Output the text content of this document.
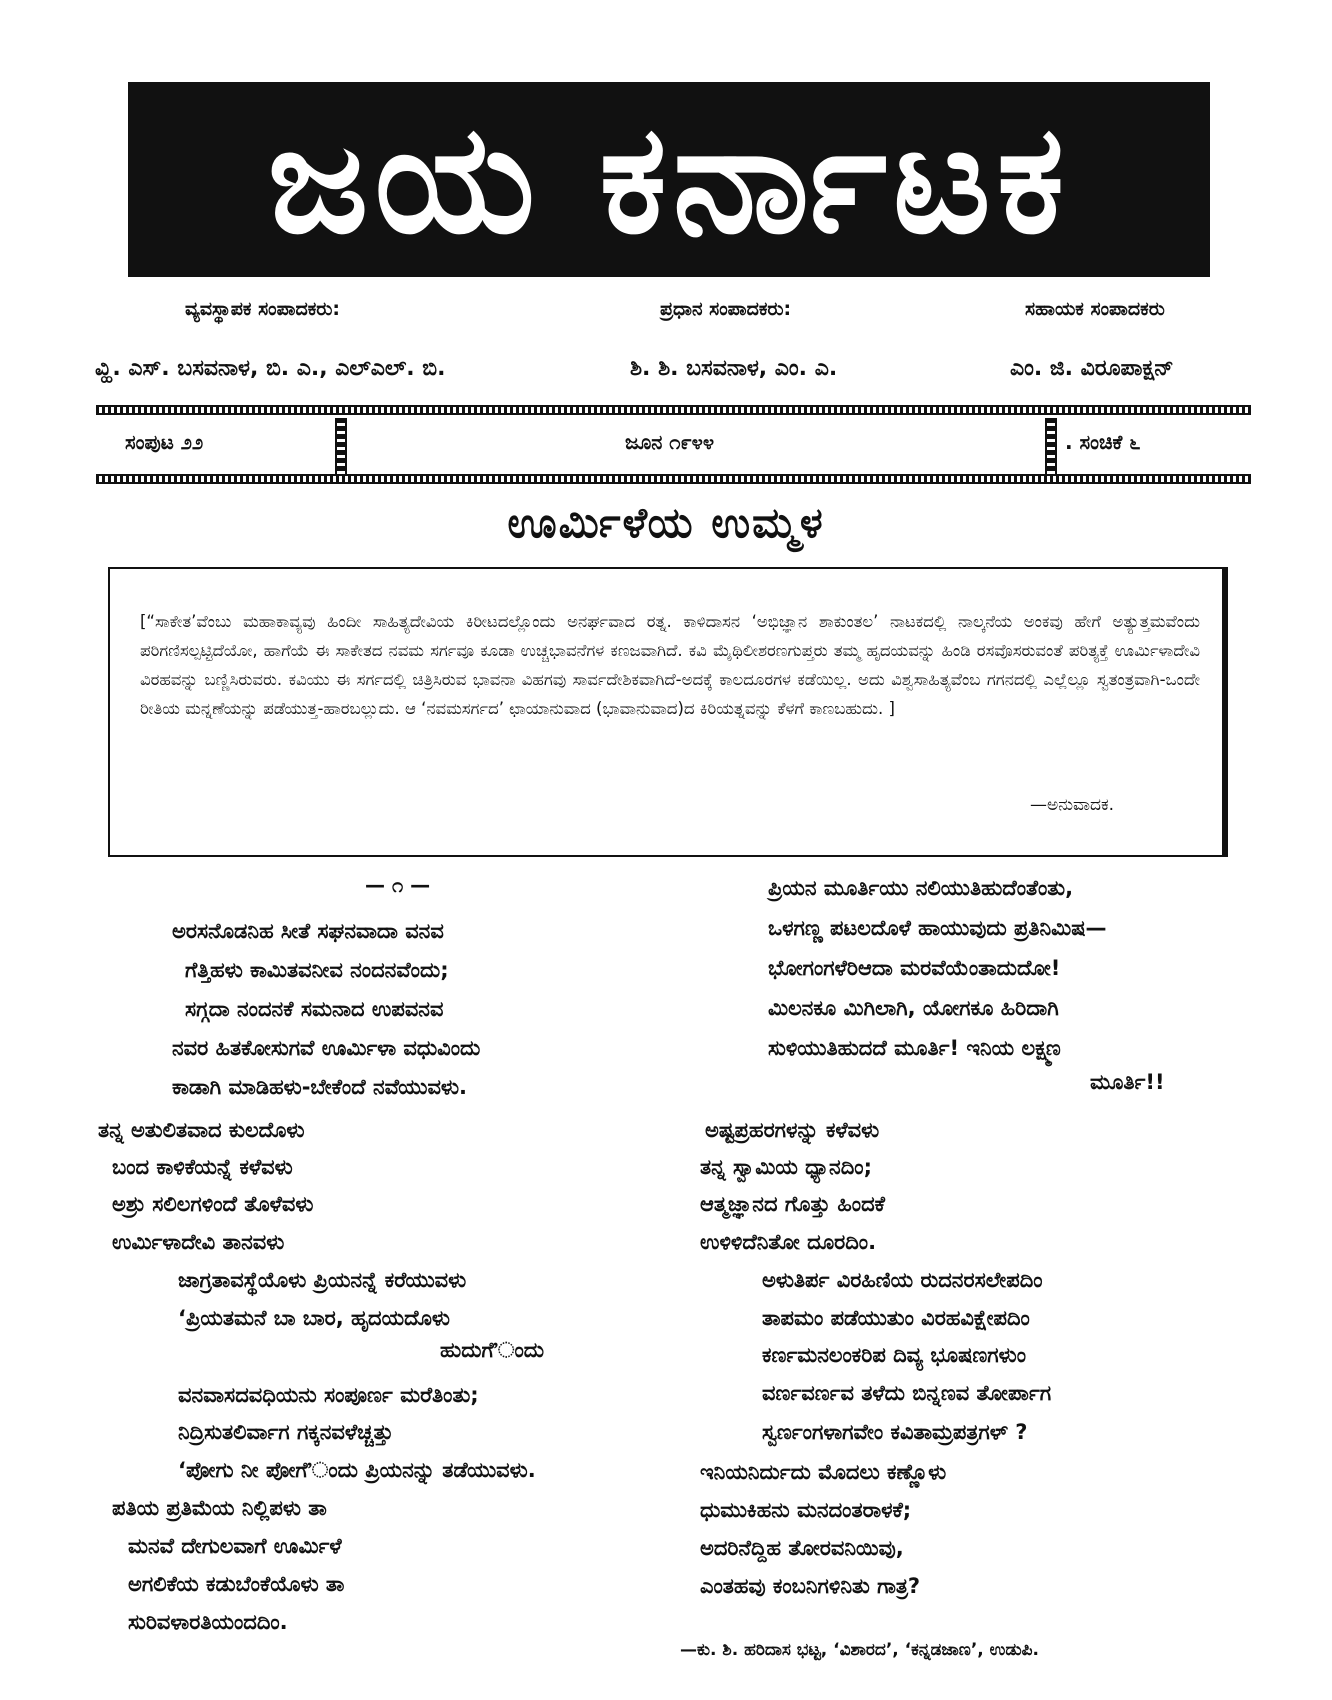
ಜಯ ಕರ್ನಾಟಕ
ವ್ಯವಸ್ಥಾಪಕ ಸಂಪಾದಕರು:	ಪ್ರಧಾನ ಸಂಪಾದಕರು:	ಸಹಾಯಕ ಸಂಪಾದಕರು
ವ್ಹಿ. ಎಸ್. ಬಸವನಾಳ, ಬಿ. ಎ., ಎಲ್‌ಎಲ್. ಬಿ.	ಶಿ. ಶಿ. ಬಸವನಾಳ, ಎಂ. ಎ.	ಎಂ. ಜಿ. ವಿರೂಪಾಕ್ಷನ್
ಸಂಪುಟ ೨೨	ಜೂನ ೧೯೪೪	. ಸಂಚಿಕೆ ೬
ಊರ್ಮಿಳೆಯ ಉಮ್ಮಳ
[“ಸಾಕೇತ’ವೆಂಬು ಮಹಾಕಾವ್ಯವು ಹಿಂದೀ ಸಾಹಿತ್ಯದೇವಿಯ ಕಿರೀಟದಲ್ಲೊಂದು ಅನರ್ಘವಾದ ರತ್ನ. ಕಾಳಿದಾಸನ ‘ಅಭಿಜ್ಞಾನ ಶಾಕುಂತಲ’ ನಾಟಕದಲ್ಲಿ ನಾಲ್ಕನೆಯ ಅಂಕವು ಹೇಗೆ ಅತ್ಯುತ್ತಮವೆಂದು ಪರಿಗಣಿಸಲ್ಪಟ್ಟಿದೆಯೋ, ಹಾಗೆಯೆ ಈ ಸಾಕೇತದ ನವಮ ಸರ್ಗವೂ ಕೂಡಾ ಉಚ್ಚಭಾವನೆಗಳ ಕಣಜವಾಗಿದೆ. ಕವಿ ಮೈಥಿಲೀಶರಣಗುಪ್ತರು ತಮ್ಮ ಹೃದಯವನ್ನು ಹಿಂಡಿ ರಸವೊಸರುವಂತೆ ಪರಿತ್ಯಕ್ತೆ ಊರ್ಮಿಳಾದೇವಿ ವಿರಹವನ್ನು ಬಣ್ಣಿಸಿರುವರು. ಕವಿಯು ಈ ಸರ್ಗದಲ್ಲಿ ಚಿತ್ರಿಸಿರುವ ಭಾವನಾ ವಿಹಗವು ಸಾರ್ವದೇಶಿಕವಾಗಿದೆ-ಅದಕ್ಕೆ ಕಾಲದೂರಗಳ ಕಡೆಯಿಲ್ಲ. ಅದು ವಿಶ್ವಸಾಹಿತ್ಯವೆಂಬ ಗಗನದಲ್ಲಿ ಎಲ್ಲೆಲ್ಲೂ ಸ್ವತಂತ್ರವಾಗಿ-ಒಂದೇ ರೀತಿಯ ಮನ್ನಣೆಯನ್ನು ಪಡೆಯುತ್ತ-ಹಾರಬಲ್ಲುದು. ಆ ‘ನವಮಸರ್ಗದ’ ಛಾಯಾನುವಾದ (ಭಾವಾನುವಾದ)ದ ಕಿರಿಯತ್ನವನ್ನು ಕೆಳಗೆ ಕಾಣಬಹುದು. ]
—ಅನುವಾದಕ.
— ೧ —
ಅರಸನೊಡನಿಹ ಸೀತೆ ಸಘನವಾದಾ ವನವ
ಗೆತ್ತಿಹಳು ಕಾಮಿತವನೀವ ನಂದನವೆಂದು;
ಸಗ್ಗದಾ ನಂದನಕೆ ಸಮನಾದ ಉಪವನವ
ನವರ ಹಿತಕೋಸುಗವೆ ಊರ್ಮಿಳಾ ವಧುವಿಂದು
ಕಾಡಾಗಿ ಮಾಡಿಹಳು-ಬೇಕೆಂದೆ ನವೆಯುವಳು.
ತನ್ನ ಅತುಲಿತವಾದ ಕುಲದೊಳು
ಬಂದ ಕಾಳಿಕೆಯನ್ನೆ ಕಳೆವಳು
ಅಶ್ರು ಸಲಿಲಗಳಿಂದೆ ತೊಳೆವಳು
ಉರ್ಮಿಳಾದೇವಿ ತಾನವಳು
ಜಾಗ್ರತಾವಸ್ಥೆಯೊಳು ಪ್ರಿಯನನ್ನೆ ಕರೆಯುವಳು
‘ಪ್ರಿಯತಮನೆ ಬಾ ಬಾರ, ಹೃದಯದೊಳು
ಹುದುಗೆ’ಂದು
ವನವಾಸದವಧಿಯನು ಸಂಪೂರ್ಣ ಮರೆತಿಂತು;
ನಿದ್ರಿಸುತಲಿರ್ವಾಗ ಗಕ್ಕನವಳೆಚ್ಚತ್ತು
‘ಪೋಗು ನೀ ಪೋಗೆ’ಂದು ಪ್ರಿಯನನ್ನು ತಡೆಯುವಳು.
ಪತಿಯ ಪ್ರತಿಮೆಯ ನಿಲ್ಲಿಪಳು ತಾ
ಮನವೆ ದೇಗುಲವಾಗೆ ಊರ್ಮಿಳೆ
ಅಗಲಿಕೆಯ ಕಡುಬೆಂಕೆಯೊಳು ತಾ
ಸುರಿವಳಾರತಿಯಂದದಿಂ.
ಪ್ರಿಯನ ಮೂರ್ತಿಯು ನಲಿಯುತಿಹುದೆಂತೆಂತು,
ಒಳಗಣ್ಣ ಪಟಲದೊಳೆ ಹಾಯುವುದು ಪ್ರತಿನಿಮಿಷ—
ಭೋಗಂಗಳೆರಿಆದಾ ಮರವೆಯೆಂತಾದುದೋ!
ಮಿಲನಕೂ ಮಿಗಿಲಾಗಿ, ಯೋಗಕೂ ಹಿರಿದಾಗಿ
ಸುಳಿಯುತಿಹುದದೆ ಮೂರ್ತಿ! ಇನಿಯ ಲಕ್ಷ್ಮಣ
ಮೂರ್ತಿ!!
ಅಷ್ಟಪ್ರಹರಗಳನ್ನು ಕಳೆವಳು
ತನ್ನ ಸ್ವಾಮಿಯ ಧ್ಯಾನದಿಂ;
ಆತ್ಮಜ್ಞಾನದ ಗೊತ್ತು ಹಿಂದಕೆ
ಉಳಿಳಿದೆನಿತೋ ದೂರದಿಂ.
ಅಳುತಿರ್ಪ ವಿರಹಿಣಿಯ ರುದನರಸಲೇಪದಿಂ
ತಾಪಮಂ ಪಡೆಯುತುಂ ವಿರಹವಿಕ್ಷೇಪದಿಂ
ಕರ್ಣಮನಲಂಕರಿಪ ದಿವ್ಯ ಭೂಷಣಗಳುಂ
ವರ್ಣವರ್ಣವ ತಳೆದು ಬಿನ್ನಣವ ತೋರ್ಪಾಗ
ಸ್ವರ್ಣಂಗಳಾಗವೇಂ ಕವಿತಾಮ್ರಪತ್ರಗಳ್ ?
ಇನಿಯನಿರ್ದುದು ಮೊದಲು ಕಣ್ಣೊಳು
ಧುಮುಕಿಹನು ಮನದಂತರಾಳಕೆ;
ಅದರಿನೆದ್ದಿಹ ತೋರವನಿಯಿವು,
ಎಂತಹವು ಕಂಬನಿಗಳಿನಿತು ಗಾತ್ರ?
—ಕು. ಶಿ. ಹರಿದಾಸ ಭಟ್ಟ, ‘ವಿಶಾರದ’, ‘ಕನ್ನಡಜಾಣ’, ಉಡುಪಿ.
